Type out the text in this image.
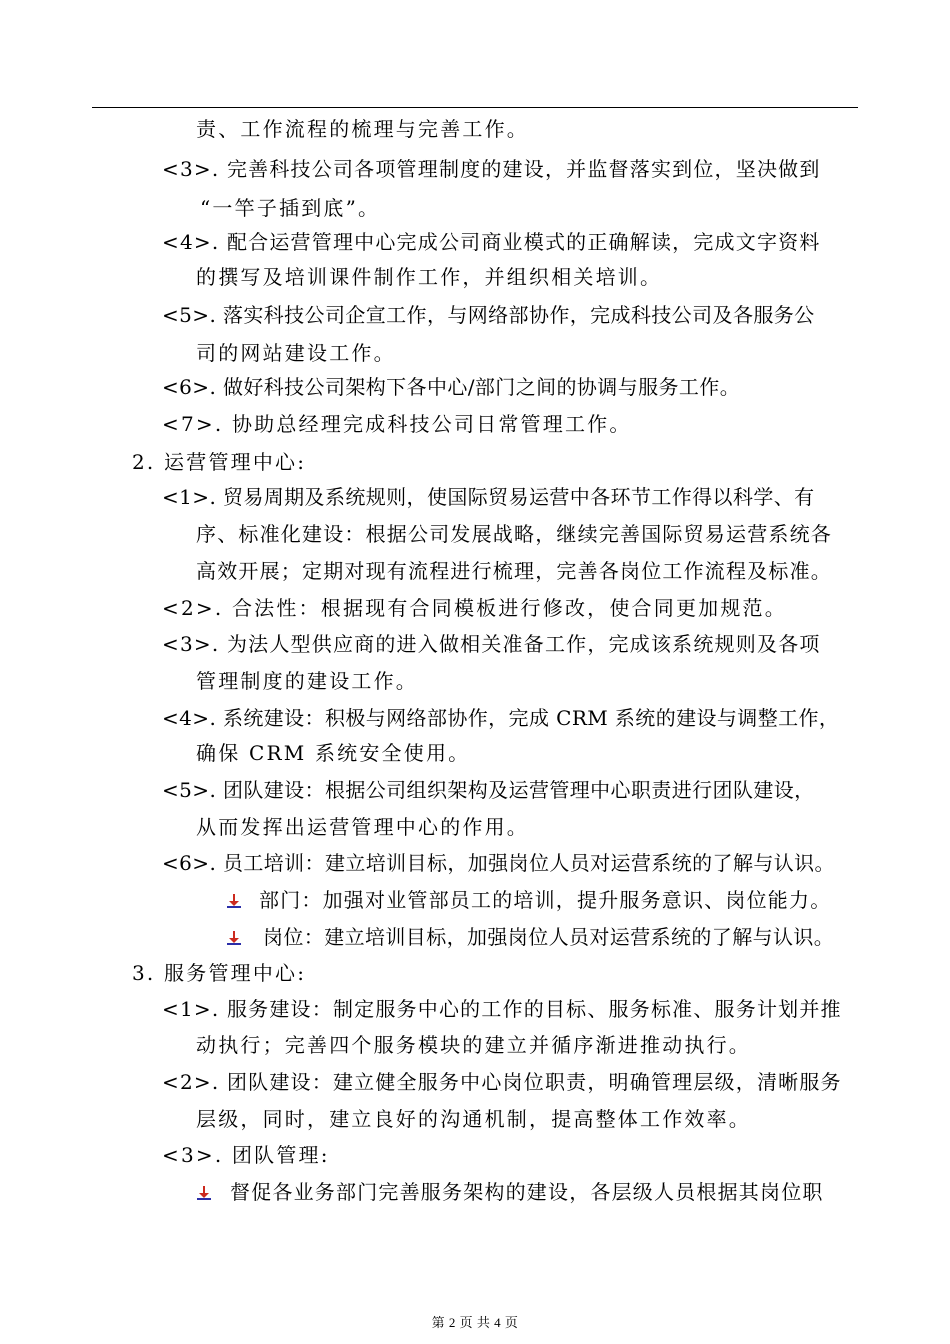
责、工作流程的梳理与完善工作。
<3>. 完善科技公司各项管理制度的建设，并监督落实到位，坚决做到
“一竿子插到底”。
<4>. 配合运营管理中心完成公司商业模式的正确解读，完成文字资料
的撰写及培训课件制作工作，并组织相关培训。
<5>. 落实科技公司企宣工作，与网络部协作，完成科技公司及各服务公
司的网站建设工作。
<6>. 做好科技公司架构下各中心/部门之间的协调与服务工作。
<7>. 协助总经理完成科技公司日常管理工作。
2. 运营管理中心:
<1>. 贸易周期及系统规则，使国际贸易运营中各环节工作得以科学、有
序、标准化建设：根据公司发展战略，继续完善国际贸易运营系统各
高效开展；定期对现有流程进行梳理，完善各岗位工作流程及标准。
<2>. 合法性：根据现有合同模板进行修改，使合同更加规范。
<3>. 为法人型供应商的进入做相关准备工作，完成该系统规则及各项
管理制度的建设工作。
<4>. 系统建设：积极与网络部协作，完成 CRM 系统的建设与调整工作，
确保 CRM 系统安全使用。
<5>. 团队建设：根据公司组织架构及运营管理中心职责进行团队建设，
从而发挥出运营管理中心的作用。
<6>. 员工培训：建立培训目标，加强岗位人员对运营系统的了解与认识。
部门：加强对业管部员工的培训，提升服务意识、岗位能力。
岗位：建立培训目标，加强岗位人员对运营系统的了解与认识。
3. 服务管理中心:
<1>. 服务建设：制定服务中心的工作的目标、服务标准、服务计划并推
动执行；完善四个服务模块的建立并循序渐进推动执行。
<2>. 团队建设：建立健全服务中心岗位职责，明确管理层级，清晰服务
层级，同时，建立良好的沟通机制，提高整体工作效率。
<3>. 团队管理:
督促各业务部门完善服务架构的建设，各层级人员根据其岗位职
第 2 页 共 4 页
